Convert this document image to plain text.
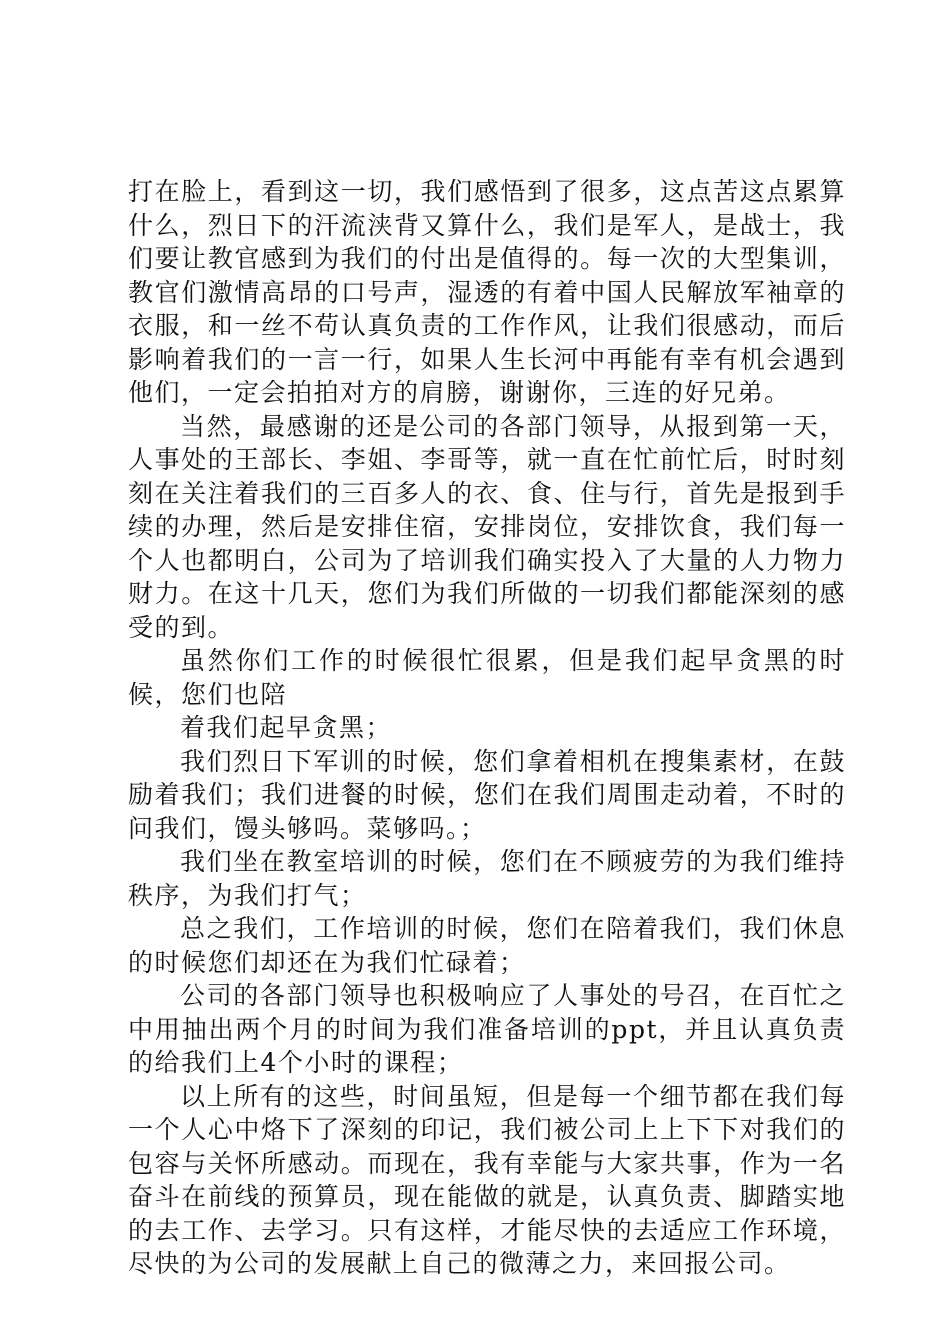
打在脸上，看到这一切，我们感悟到了很多，这点苦这点累算什么，烈日下的汗流浃背又算什么，我们是军人，是战士，我们要让教官感到为我们的付出是值得的。每一次的大型集训，教官们激情高昂的口号声，湿透的有着中国人民解放军袖章的衣服，和一丝不苟认真负责的工作作风，让我们很感动，而后影响着我们的一言一行，如果人生长河中再能有幸有机会遇到他们，一定会拍拍对方的肩膀，谢谢你，三连的好兄弟。

当然，最感谢的还是公司的各部门领导，从报到第一天，人事处的王部长、李姐、李哥等，就一直在忙前忙后，时时刻刻在关注着我们的三百多人的衣、食、住与行，首先是报到手续的办理，然后是安排住宿，安排岗位，安排饮食，我们每一个人也都明白，公司为了培训我们确实投入了大量的人力物力财力。在这十几天，您们为我们所做的一切我们都能深刻的感受的到。

虽然你们工作的时候很忙很累，但是我们起早贪黑的时候，您们也陪

着我们起早贪黑；

我们烈日下军训的时候，您们拿着相机在搜集素材，在鼓励着我们；我们进餐的时候，您们在我们周围走动着，不时的问我们，馒头够吗。菜够吗。；

我们坐在教室培训的时候，您们在不顾疲劳的为我们维持秩序，为我们打气；

总之我们，工作培训的时候，您们在陪着我们，我们休息的时候您们却还在为我们忙碌着；

公司的各部门领导也积极响应了人事处的号召，在百忙之中用抽出两个月的时间为我们准备培训的ppt，并且认真负责的给我们上4个小时的课程；

以上所有的这些，时间虽短，但是每一个细节都在我们每一个人心中烙下了深刻的印记，我们被公司上上下下对我们的包容与关怀所感动。而现在，我有幸能与大家共事，作为一名奋斗在前线的预算员，现在能做的就是，认真负责、脚踏实地的去工作、去学习。只有这样，才能尽快的去适应工作环境，尽快的为公司的发展献上自己的微薄之力，来回报公司。
